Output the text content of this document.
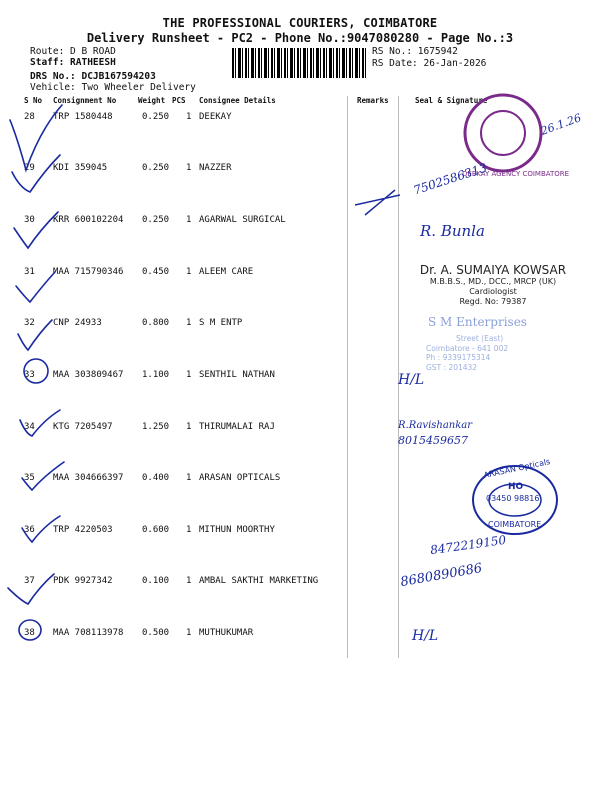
THE PROFESSIONAL COURIERS, COIMBATORE
Delivery Runsheet - PC2 - Phone No.:9047080280 - Page No.:3
Route: D B ROAD
Staff: RATHEESH
DRS No.: DCJB167594203
Vehicle: Two Wheeler Delivery
RS No.: 1675942
RS Date: 26-Jan-2026
S No Consignment No	Weight PCS Consignee Details	Remarks	Seal & Signature
28 TRP 1580448	0.250 1 DEEKAY
29 KDI 359045	0.250 1 NAZZER
30 KRR 600102204 0.250 1 AGARWAL SURGICAL
31 MAA 715790346 0.450 1 ALEEM CARE
32 CNP 24933	0.800 1 S M ENTP
33 MAA 303809467 1.100 1 SENTHIL NATHAN
34 KTG 7205497	1.250 1 THIRUMALAI RAJ
35 MAA 304666397 0.400 1 ARASAN OPTICALS
36 TRP 4220503	0.600 1 MITHUN MOORTHY
37 PDK 9927342	0.100 1 AMBAL SAKTHI MARKETING
38 MAA 708113978 0.500 1 MUTHUKUMAR
DEEKAY AGENCY COIMBATORE
26.1.26
7502586313
R. Bunla
Dr. A. SUMAIYA KOWSAR
M.B.B.S., MD., DCC., MRCP (UK)
Cardiologist
Regd. No: 79387
S M Enterprises
Street (East)
Coimbatore - 641 002
Ph : 9339175314
GST : 201432
H/L
R.Ravishankar
8015459657
ARASAN Opticals
HO
03450 98816
COIMBATORE
8472219150
8680890686
H/L
